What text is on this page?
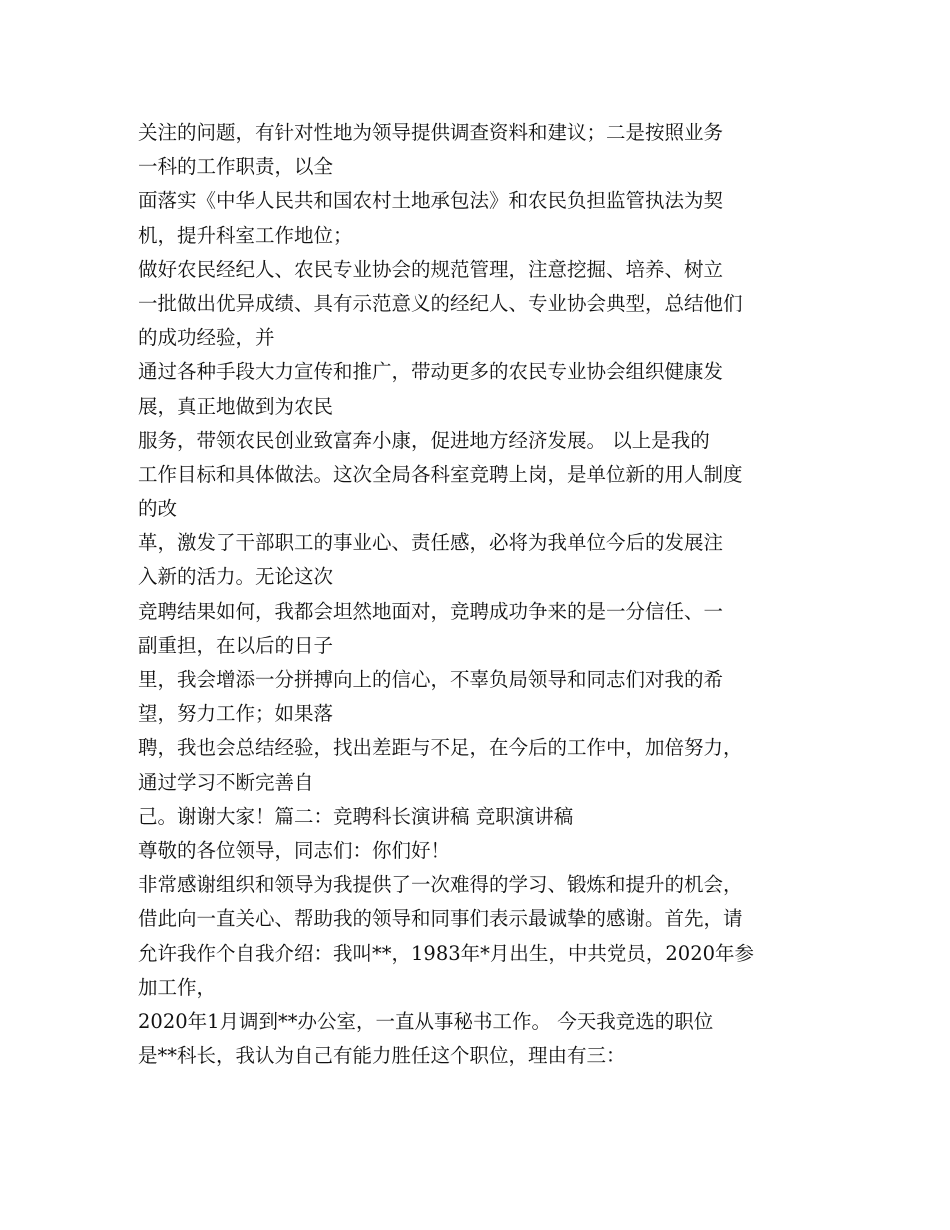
关注的问题，有针对性地为领导提供调查资料和建议；二是按照业务
一科的工作职责，以全
面落实《中华人民共和国农村土地承包法》和农民负担监管执法为契
机，提升科室工作地位；
做好农民经纪人、农民专业协会的规范管理，注意挖掘、培养、树立
一批做出优异成绩、具有示范意义的经纪人、专业协会典型，总结他们
的成功经验，并
通过各种手段大力宣传和推广，带动更多的农民专业协会组织健康发
展，真正地做到为农民
服务，带领农民创业致富奔小康，促进地方经济发展。 以上是我的
工作目标和具体做法。这次全局各科室竞聘上岗，是单位新的用人制度
的改
革，激发了干部职工的事业心、责任感，必将为我单位今后的发展注
入新的活力。无论这次
竞聘结果如何，我都会坦然地面对，竞聘成功争来的是一分信任、一
副重担，在以后的日子
里，我会增添一分拼搏向上的信心，不辜负局领导和同志们对我的希
望，努力工作；如果落
聘，我也会总结经验，找出差距与不足，在今后的工作中，加倍努力，
通过学习不断完善自
己。谢谢大家！篇二：竞聘科长演讲稿 竞职演讲稿
尊敬的各位领导，同志们：你们好！
非常感谢组织和领导为我提供了一次难得的学习、锻炼和提升的机会，
借此向一直关心、帮助我的领导和同事们表示最诚挚的感谢。首先，请
允许我作个自我介绍：我叫**，1983年*月出生，中共党员，2020年参
加工作，
2020年1月调到**办公室，一直从事秘书工作。 今天我竞选的职位
是**科长，我认为自己有能力胜任这个职位，理由有三：
